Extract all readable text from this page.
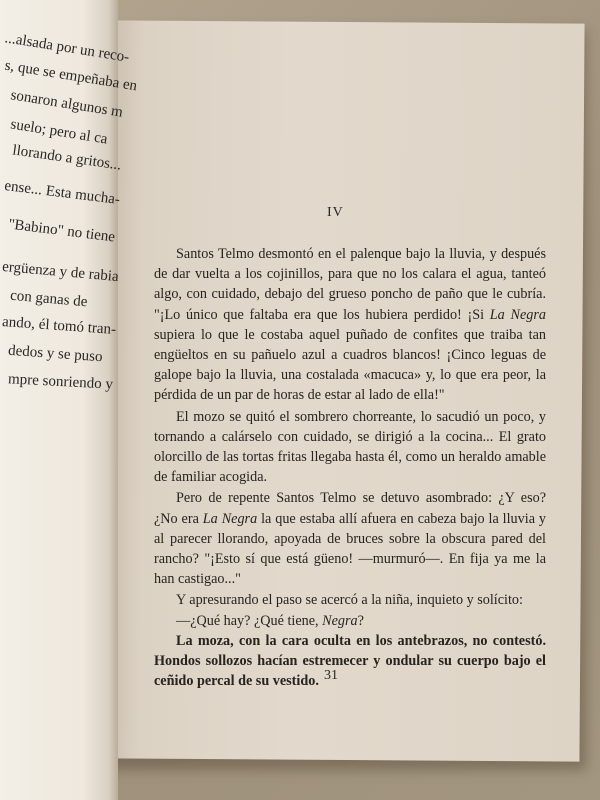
...alsada por un reco-
s, que se empeñaba en
sonaron algunos m
suelo; pero al ca
llorando a gritos...
ense... Esta mucha-
"Babino" no tiene
ergüenza y de rabia
con ganas de
ando, él tomó tran-
dedos y se puso
mpre sonriendo y
IV

Santos Telmo desmontó en el palenque bajo la lluvia, y después de dar vuelta a los cojinillos, para que no los calara el agua, tanteó algo, con cuidado, debajo del grueso poncho de paño que le cubría. "¡Lo único que faltaba era que los hubiera perdido! ¡Si La Negra supiera lo que le costaba aquel puñado de confites que traiba tan engüeltos en su pañuelo azul a cuadros blancos! ¡Cinco leguas de galope bajo la lluvia, una costalada «macuca» y, lo que era peor, la pérdida de un par de horas de estar al lado de ella!"

El mozo se quitó el sombrero chorreante, lo sacudió un poco, y tornando a calárselo con cuidado, se dirigió a la cocina... El grato olorcillo de las tortas fritas llegaba hasta él, como un heraldo amable de familiar acogida.

Pero de repente Santos Telmo se detuvo asombrado: ¿Y eso? ¿No era La Negra la que estaba allí afuera en cabeza bajo la lluvia y al parecer llorando, apoyada de bruces sobre la obscura pared del rancho? "¡Esto sí que está güeno! —murmuró—. En fija ya me la han castigao..."

Y apresurando el paso se acercó a la niña, inquieto y solícito:

—¿Qué hay? ¿Qué tiene, Negra?

La moza, con la cara oculta en los antebrazos, no contestó. Hondos sollozos hacían estremecer y ondular su cuerpo bajo el ceñido percal de su vestido. 31
